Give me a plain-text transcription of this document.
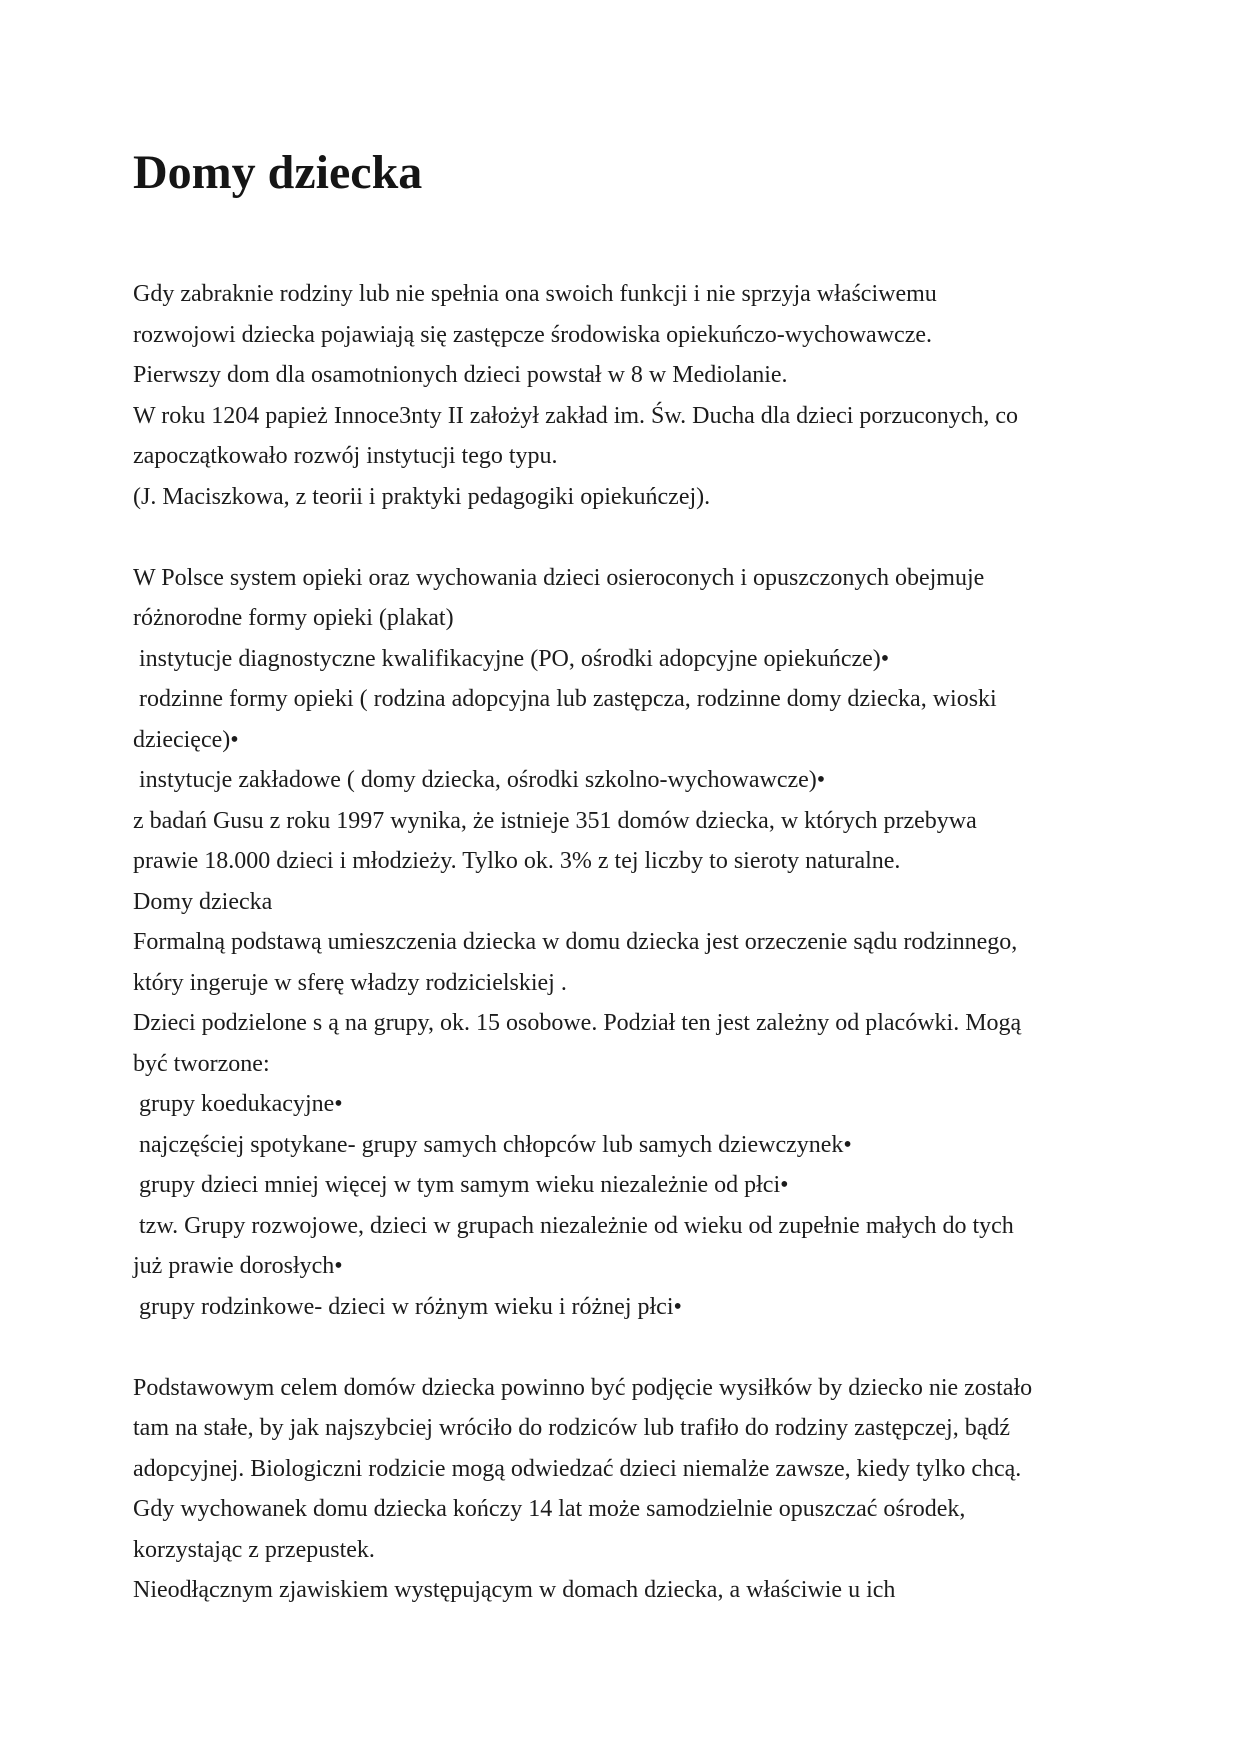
Domy dziecka

Gdy zabraknie rodziny lub nie spełnia ona swoich funkcji i nie sprzyja właściwemu

rozwojowi dziecka pojawiają się zastępcze środowiska opiekuńczo-wychowawcze.

Pierwszy dom dla osamotnionych dzieci powstał w 8 w Mediolanie.

W roku 1204 papież Innoce3nty II założył zakład im. Św. Ducha dla dzieci porzuconych, co

zapoczątkowało rozwój instytucji tego typu.

(J. Maciszkowa, z teorii i praktyki pedagogiki opiekuńczej).

W Polsce system opieki oraz wychowania dzieci osieroconych i opuszczonych obejmuje

różnorodne formy opieki (plakat)

instytucje diagnostyczne kwalifikacyjne (PO, ośrodki adopcyjne opiekuńcze)•

rodzinne formy opieki ( rodzina adopcyjna lub zastępcza, rodzinne domy dziecka, wioski

dziecięce)•

instytucje zakładowe ( domy dziecka, ośrodki szkolno-wychowawcze)•

z badań Gusu z roku 1997 wynika, że istnieje 351 domów dziecka, w których przebywa

prawie 18.000 dzieci i młodzieży. Tylko ok. 3% z tej liczby to sieroty naturalne.

Domy dziecka

Formalną podstawą umieszczenia dziecka w domu dziecka jest orzeczenie sądu rodzinnego,

który ingeruje w sferę władzy rodzicielskiej .

Dzieci podzielone s ą na grupy, ok. 15 osobowe. Podział ten jest zależny od placówki. Mogą

być tworzone:

grupy koedukacyjne•

najczęściej spotykane- grupy samych chłopców lub samych dziewczynek•

grupy dzieci mniej więcej w tym samym wieku niezależnie od płci•

tzw. Grupy rozwojowe, dzieci w grupach niezależnie od wieku od zupełnie małych do tych

już prawie dorosłych•

grupy rodzinkowe- dzieci w różnym wieku i różnej płci•

Podstawowym celem domów dziecka powinno być podjęcie wysiłków by dziecko nie zostało

tam na stałe, by jak najszybciej wróciło do rodziców lub trafiło do rodziny zastępczej, bądź

adopcyjnej. Biologiczni rodzicie mogą odwiedzać dzieci niemalże zawsze, kiedy tylko chcą.

Gdy wychowanek domu dziecka kończy 14 lat może samodzielnie opuszczać ośrodek,

korzystając z przepustek.

Nieodłącznym zjawiskiem występującym w domach dziecka, a właściwie u ich
